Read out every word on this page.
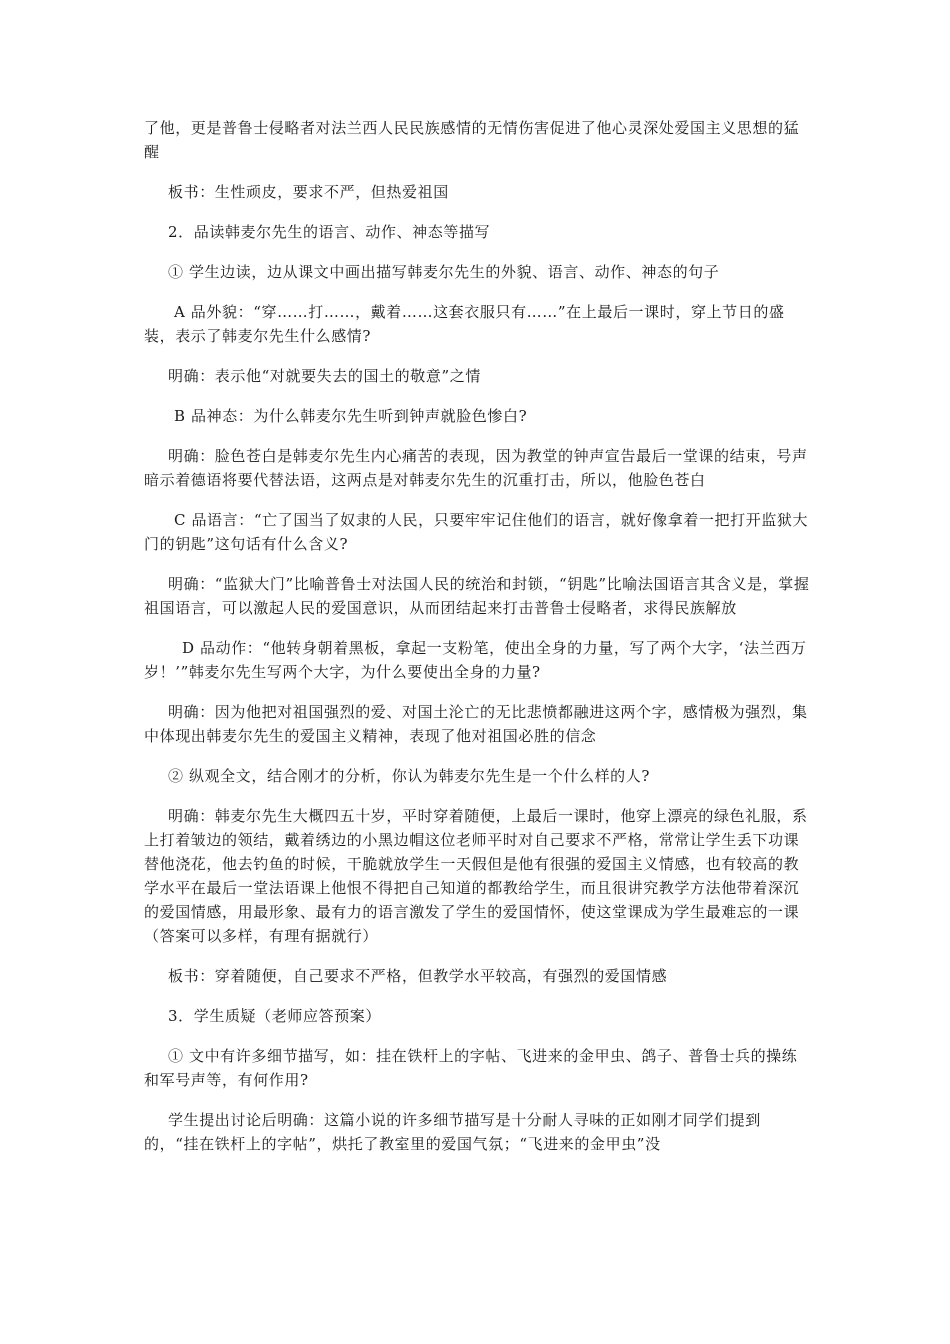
了他，更是普鲁士侵略者对法兰西人民民族感情的无情伤害促进了他心灵深处爱国主义思想的猛醒

板书：生性顽皮，要求不严，但热爱祖国

2．品读韩麦尔先生的语言、动作、神态等描写

① 学生边读，边从课文中画出描写韩麦尔先生的外貌、语言、动作、神态的句子

A 品外貌：“穿……打……，戴着……这套衣服只有……”在上最后一课时，穿上节日的盛装，表示了韩麦尔先生什么感情?

明确：表示他“对就要失去的国土的敬意”之情

B 品神态：为什么韩麦尔先生听到钟声就脸色惨白?

明确：脸色苍白是韩麦尔先生内心痛苦的表现，因为教堂的钟声宣告最后一堂课的结束，号声暗示着德语将要代替法语，这两点是对韩麦尔先生的沉重打击，所以，他脸色苍白

C 品语言：“亡了国当了奴隶的人民，只要牢牢记住他们的语言，就好像拿着一把打开监狱大门的钥匙”这句话有什么含义?

明确：“监狱大门”比喻普鲁士对法国人民的统治和封锁，“钥匙”比喻法国语言其含义是，掌握祖国语言，可以激起人民的爱国意识，从而团结起来打击普鲁士侵略者，求得民族解放

D 品动作：“他转身朝着黑板，拿起一支粉笔，使出全身的力量，写了两个大字，‘法兰西万岁！’”韩麦尔先生写两个大字，为什么要使出全身的力量?

明确：因为他把对祖国强烈的爱、对国土沦亡的无比悲愤都融进这两个字，感情极为强烈，集中体现出韩麦尔先生的爱国主义精神，表现了他对祖国必胜的信念

② 纵观全文，结合刚才的分析，你认为韩麦尔先生是一个什么样的人?

明确：韩麦尔先生大概四五十岁，平时穿着随便，上最后一课时，他穿上漂亮的绿色礼服，系上打着皱边的领结，戴着绣边的小黑边帽这位老师平时对自己要求不严格，常常让学生丢下功课替他浇花，他去钓鱼的时候，干脆就放学生一天假但是他有很强的爱国主义情感，也有较高的教学水平在最后一堂法语课上他恨不得把自己知道的都教给学生，而且很讲究教学方法他带着深沉的爱国情感，用最形象、最有力的语言激发了学生的爱国情怀，使这堂课成为学生最难忘的一课（答案可以多样，有理有据就行）

板书：穿着随便，自己要求不严格，但教学水平较高，有强烈的爱国情感

3．学生质疑（老师应答预案）

① 文中有许多细节描写，如：挂在铁杆上的字帖、飞进来的金甲虫、鸽子、普鲁士兵的操练和军号声等，有何作用?

学生提出讨论后明确：这篇小说的许多细节描写是十分耐人寻味的正如刚才同学们提到的，“挂在铁杆上的字帖”，烘托了教室里的爱国气氛；“飞进来的金甲虫”没
